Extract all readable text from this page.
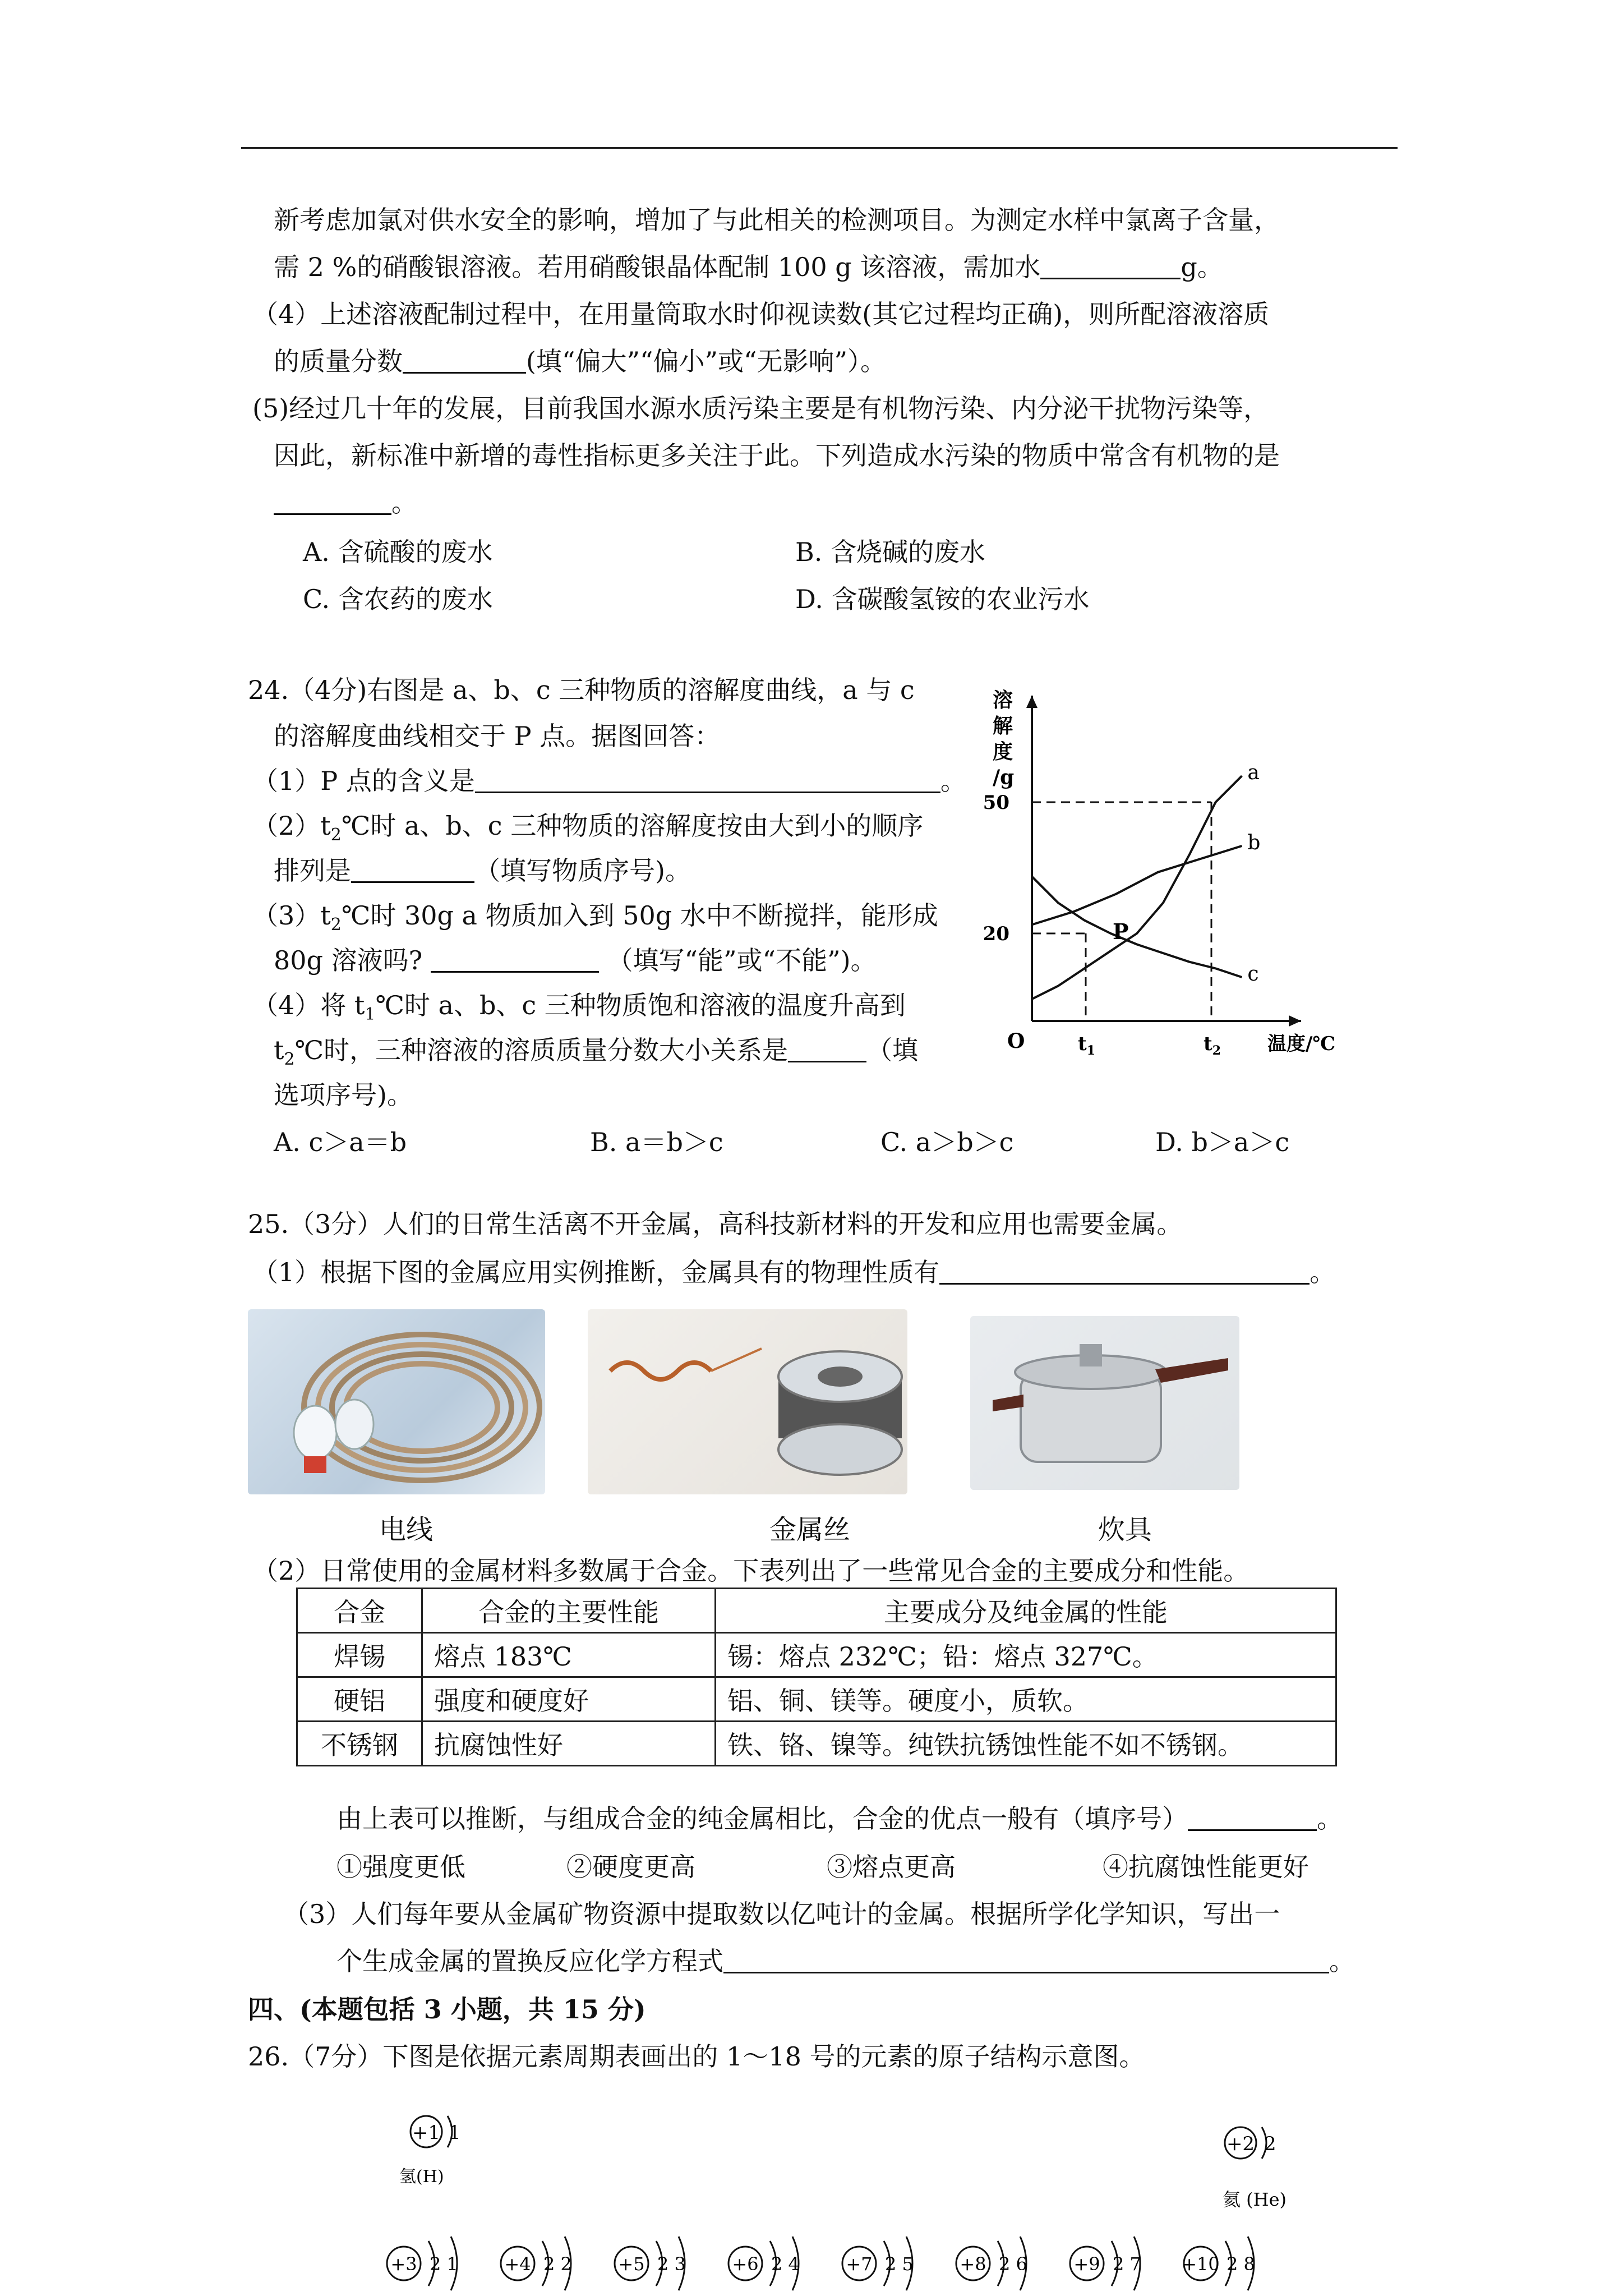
新考虑加氯对供水安全的影响，增加了与此相关的检测项目。为测定水样中氯离子含量，
需 2 %的硝酸银溶液。若用硝酸银晶体配制 100 g 该溶液，需加水	g。
（4）上述溶液配制过程中，在用量筒取水时仰视读数(其它过程均正确)，则所配溶液溶质
的质量分数	(填“偏大”“偏小”或“无影响”）。
(5)经过几十年的发展，目前我国水源水质污染主要是有机物污染、内分泌干扰物污染等，
因此，新标准中新增的毒性指标更多关注于此。下列造成水污染的物质中常含有机物的是
。
A. 含硫酸的废水	B. 含烧碱的废水
C. 含农药的废水	D. 含碳酸氢铵的农业污水
24.（4分)右图是 a、b、c 三种物质的溶解度曲线，a 与 c
的溶解度曲线相交于 P 点。据图回答：
（1）P 点的含义是	。
$(2)t_2℃$时 a、b、c 三种物质的溶解度按由大到小的顺序
排列是	（填写物质序号)。
$(3)t_2℃$时 30g a 物质加入到 50g 水中不断搅拌，能形成
80g 溶液吗?	（填写“能”或“不能”)。
（4）将 $t_1℃$时 a、b、c 三种物质饱和溶液的温度升高到
$t_2℃$时，三种溶液的溶质质量分数大小关系是	（填
选项序号)。
A. c＞a＝b	B. a＝b＞c	C. a＞b＞c	D. b＞a＞c
a
b
c
溶
解
度
/g
20
50
O	$t_1$	$t_2$ 温度/℃
P
25.（3分）人们的日常生活离不开金属，高科技新材料的开发和应用也需要金属。
（1）根据下图的金属应用实例推断，金属具有的物理性质有	。
电线	金属丝	炊具
（2）日常使用的金属材料多数属于合金。下表列出了一些常见合金的主要成分和性能。
合金	合金的主要性能	主要成分及纯金属的性能
焊锡	熔点 183℃	锡：熔点 232℃；铅：熔点 327℃。
硬铝	强度和硬度好	铝、铜、镁等。硬度小，质软。
不锈钢	抗腐蚀性好	铁、铬、镍等。纯铁抗锈蚀性能不如不锈钢。
由上表可以推断，与组成合金的纯金属相比，合金的优点一般有（填序号）	。
①强度更低	②硬度更高	③熔点更高	④抗腐蚀性能更好
（3）人们每年要从金属矿物资源中提取数以亿吨计的金属。根据所学化学知识，写出一
个生成金属的置换反应化学方程式	。
四、(本题包括 3 小题，共 15 分)
26.（7分）下图是依据元素周期表画出的 1～18 号的元素的原子结构示意图。
+1 1
氢(H)
+2 2
氦 (He)
+3 2 1	+4 2 2	+5 2 3	+6 2 4	+7 2 5	+8 2 6	+9 2 7 +10 2 8
